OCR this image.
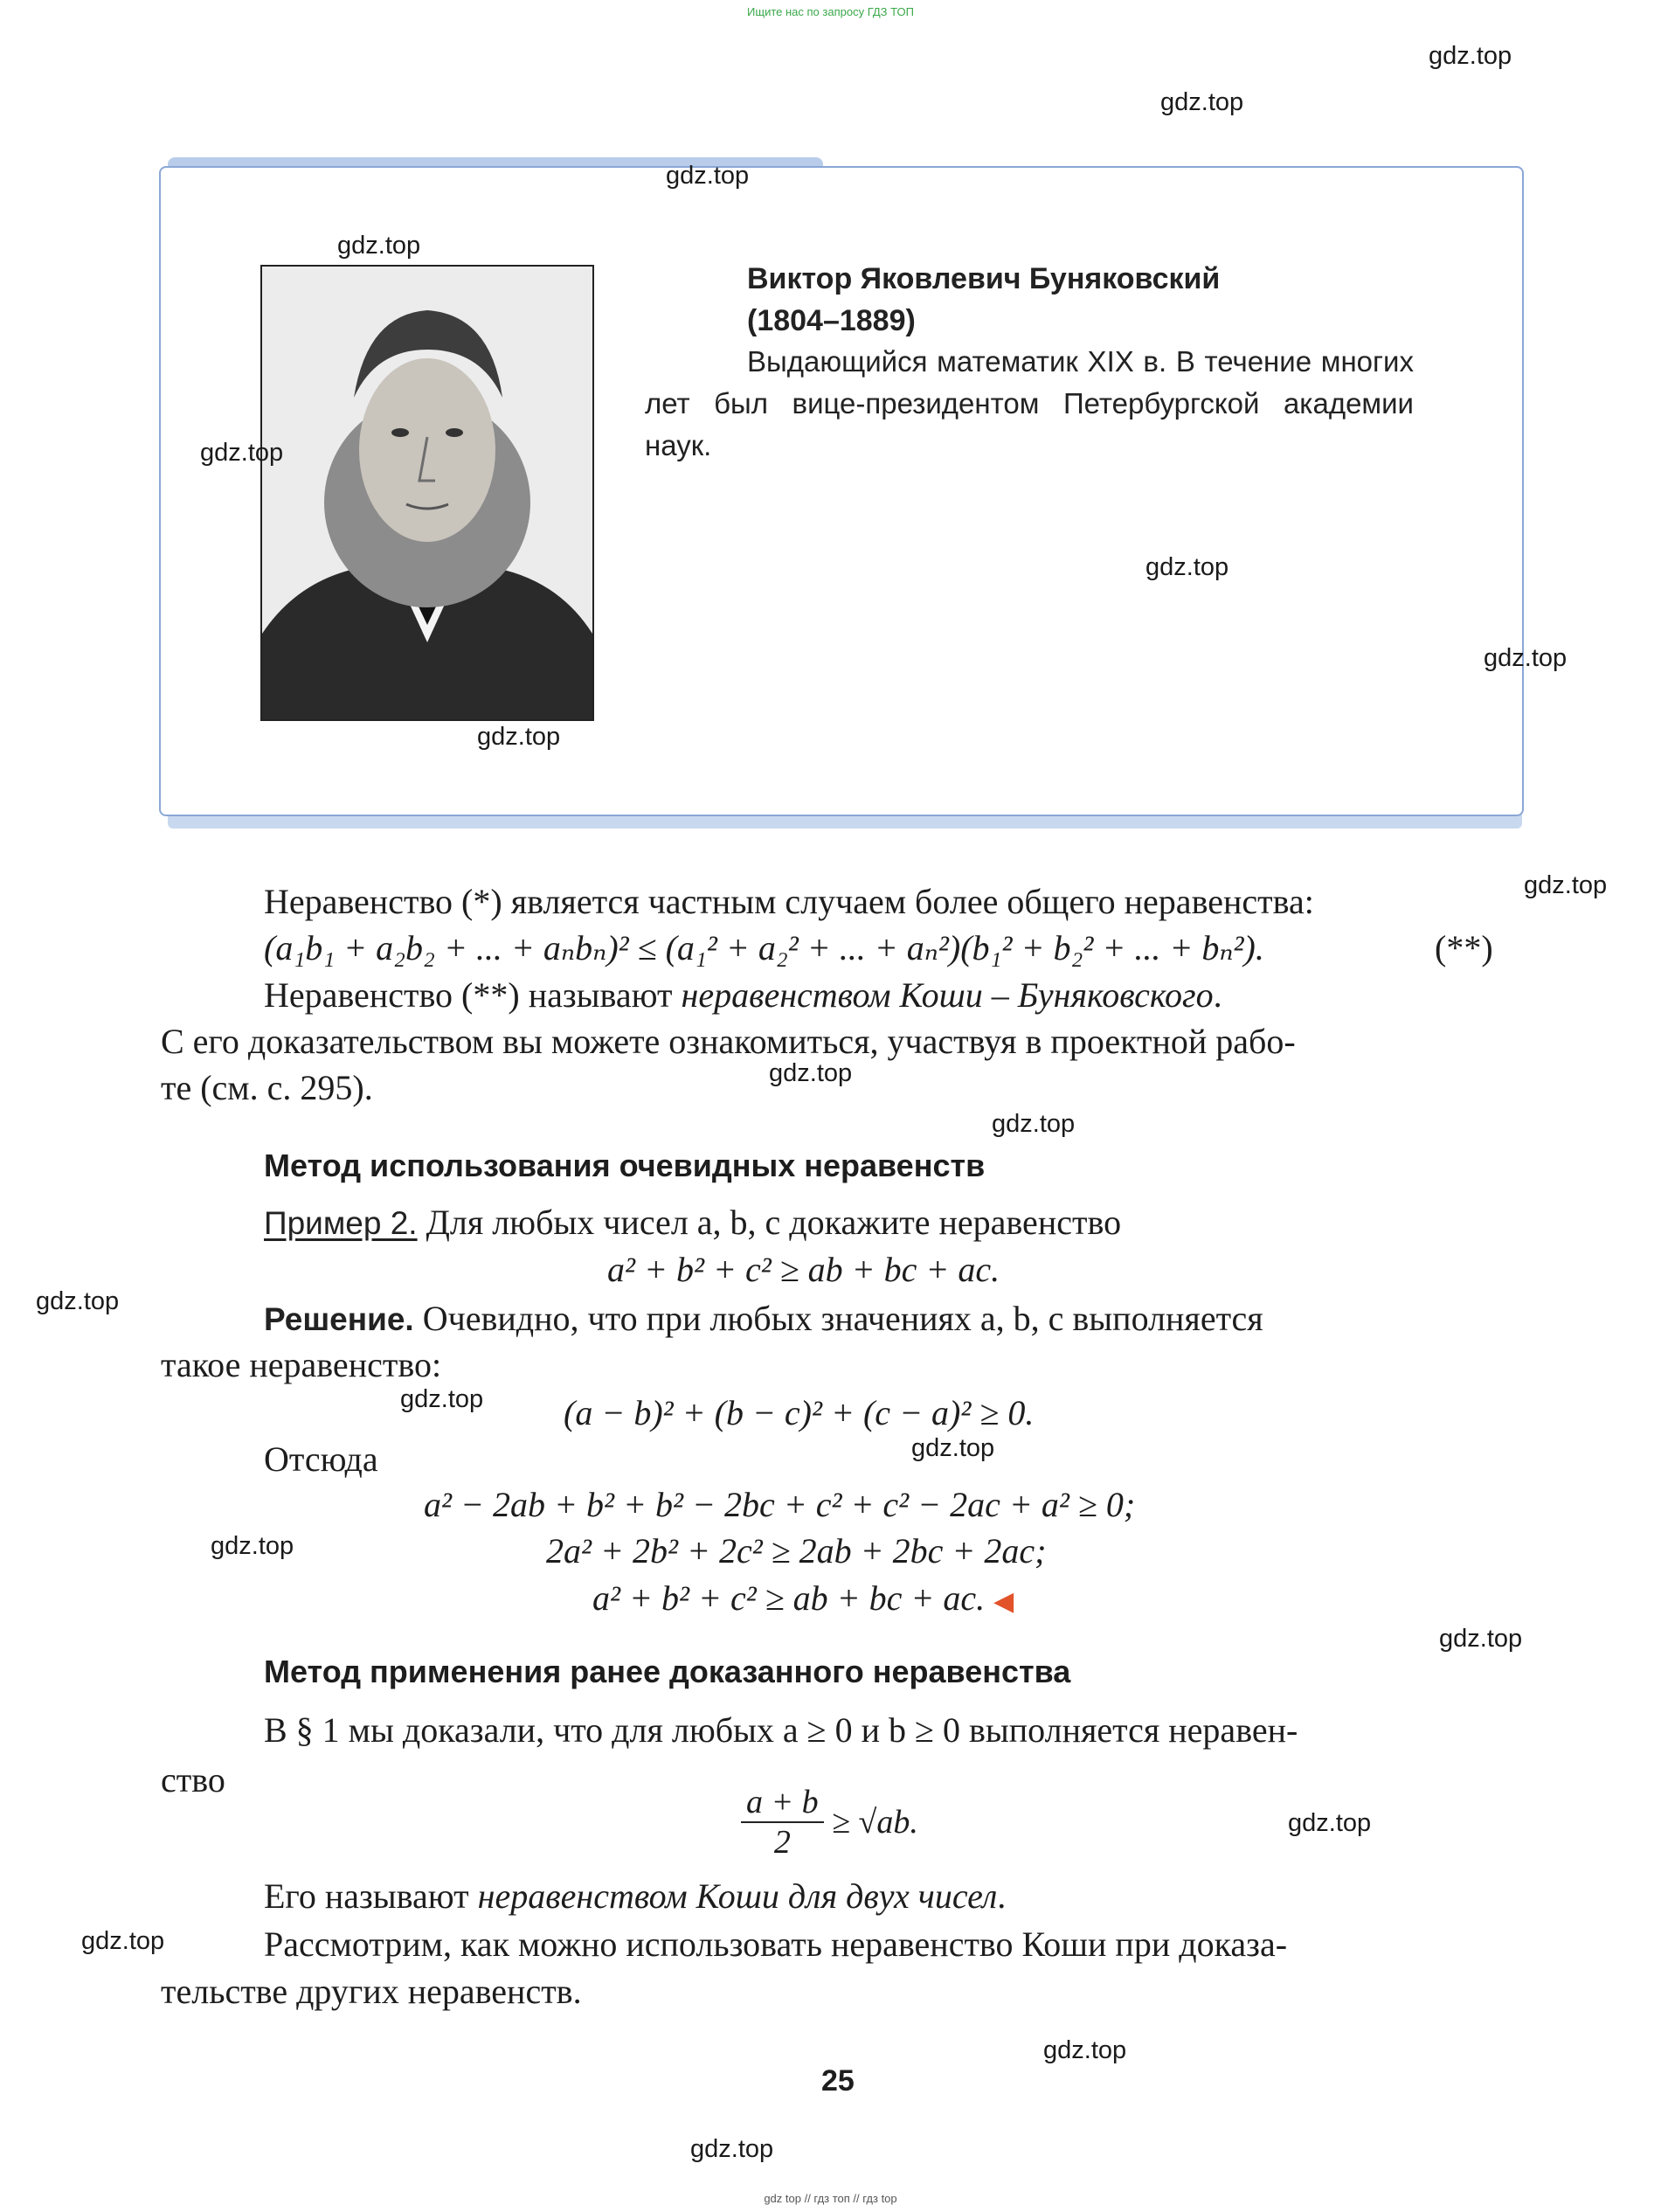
Ищите нас по запросу ГДЗ ТОП
Виктор Яковлевич Буняковский
(1804–1889)
Выдающийся математик XIX в. В течение многих лет был вице-президентом Петербургской академии наук.
Неравенство (*) является частным случаем более общего неравенства:
(a₁b₁ + a₂b₂ + ... + aₙbₙ)² ≤ (a₁² + a₂² + ... + aₙ²)(b₁² + b₂² + ... + bₙ²).	(**)
Неравенство (**) называют неравенством Коши – Буняковского.
С его доказательством вы можете ознакомиться, участвуя в проектной рабо-
те (см. с. 295).
Метод использования очевидных неравенств
Пример 2. Для любых чисел a, b, c докажите неравенство
a² + b² + c² ≥ ab + bc + ac.
Решение. Очевидно, что при любых значениях a, b, c выполняется
такое неравенство:
(a − b)² + (b − c)² + (c − a)² ≥ 0.
Отсюда
a² − 2ab + b² + b² − 2bc + c² + c² − 2ac + a² ≥ 0;
2a² + 2b² + 2c² ≥ 2ab + 2bc + 2ac;
a² + b² + c² ≥ ab + bc + ac. ◀
Метод применения ранее доказанного неравенства
В § 1 мы доказали, что для любых a ≥ 0 и b ≥ 0 выполняется неравен-
ство
$\frac{a + b}{2} \ge √ab$.
Его называют неравенством Коши для двух чисел.
Рассмотрим, как можно использовать неравенство Коши при доказа-
тельстве других неравенств.
25
gdz.top
gdz.top
gdz.top
gdz.top
gdz.top
gdz.top
gdz.top
gdz.top
gdz.top
gdz.top
gdz.top
gdz.top
gdz.top
gdz.top
gdz.top
gdz.top
gdz.top
gdz.top
gdz.top
gdz.top
gdz top // гдз топ // гдз top
